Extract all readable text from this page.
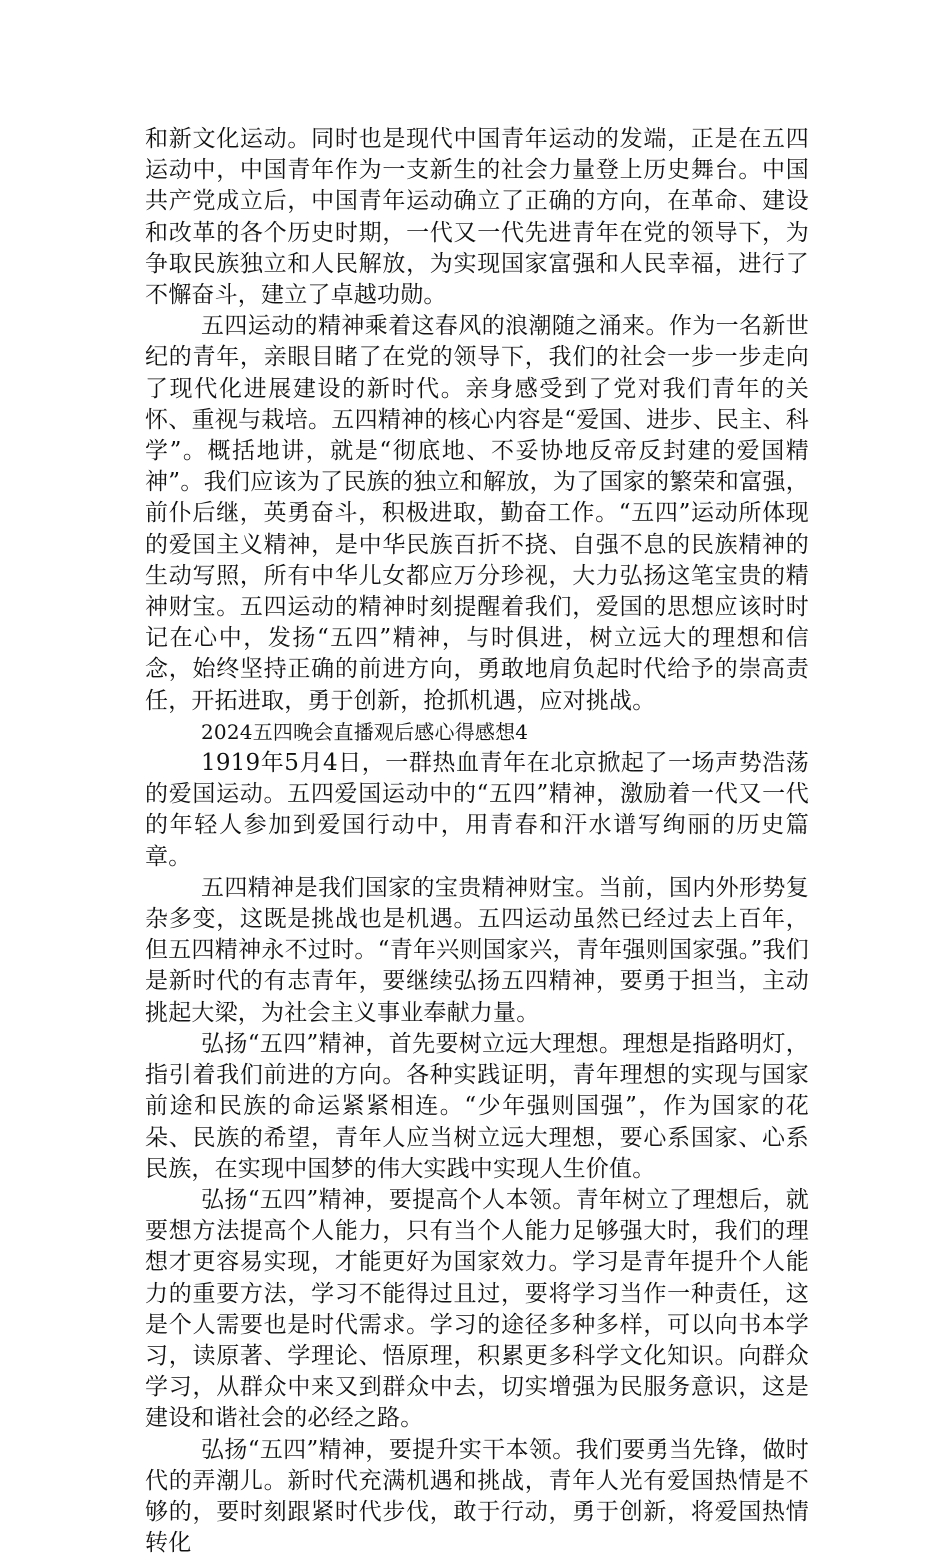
和新文化运动。同时也是现代中国青年运动的发端，正是在五四运动中，中国青年作为一支新生的社会力量登上历史舞台。中国共产党成立后，中国青年运动确立了正确的方向，在革命、建设和改革的各个历史时期，一代又一代先进青年在党的领导下，为争取民族独立和人民解放，为实现国家富强和人民幸福，进行了不懈奋斗，建立了卓越功勋。

五四运动的精神乘着这春风的浪潮随之涌来。作为一名新世纪的青年，亲眼目睹了在党的领导下，我们的社会一步一步走向了现代化进展建设的新时代。亲身感受到了党对我们青年的关怀、重视与栽培。五四精神的核心内容是“爱国、进步、民主、科学”。概括地讲，就是“彻底地、不妥协地反帝反封建的爱国精神”。我们应该为了民族的独立和解放，为了国家的繁荣和富强，前仆后继，英勇奋斗，积极进取，勤奋工作。“五四”运动所体现的爱国主义精神，是中华民族百折不挠、自强不息的民族精神的生动写照，所有中华儿女都应万分珍视，大力弘扬这笔宝贵的精神财宝。五四运动的精神时刻提醒着我们，爱国的思想应该时时记在心中，发扬“五四”精神，与时俱进，树立远大的理想和信念，始终坚持正确的前进方向，勇敢地肩负起时代给予的崇高责任，开拓进取，勇于创新，抢抓机遇，应对挑战。

2024五四晚会直播观后感心得感想4

1919年5月4日，一群热血青年在北京掀起了一场声势浩荡的爱国运动。五四爱国运动中的“五四”精神，激励着一代又一代的年轻人参加到爱国行动中，用青春和汗水谱写绚丽的历史篇章。

五四精神是我们国家的宝贵精神财宝。当前，国内外形势复杂多变，这既是挑战也是机遇。五四运动虽然已经过去上百年，但五四精神永不过时。“青年兴则国家兴，青年强则国家强。”我们是新时代的有志青年，要继续弘扬五四精神，要勇于担当，主动挑起大梁，为社会主义事业奉献力量。

弘扬“五四”精神，首先要树立远大理想。理想是指路明灯，指引着我们前进的方向。各种实践证明，青年理想的实现与国家前途和民族的命运紧紧相连。“少年强则国强”，作为国家的花朵、民族的希望，青年人应当树立远大理想，要心系国家、心系民族，在实现中国梦的伟大实践中实现人生价值。

弘扬“五四”精神，要提高个人本领。青年树立了理想后，就要想方法提高个人能力，只有当个人能力足够强大时，我们的理想才更容易实现，才能更好为国家效力。学习是青年提升个人能力的重要方法，学习不能得过且过，要将学习当作一种责任，这是个人需要也是时代需求。学习的途径多种多样，可以向书本学习，读原著、学理论、悟原理，积累更多科学文化知识。向群众学习，从群众中来又到群众中去，切实增强为民服务意识，这是建设和谐社会的必经之路。

弘扬“五四”精神，要提升实干本领。我们要勇当先锋，做时代的弄潮儿。新时代充满机遇和挑战，青年人光有爱国热情是不够的，要时刻跟紧时代步伐，敢于行动，勇于创新，将爱国热情转化
